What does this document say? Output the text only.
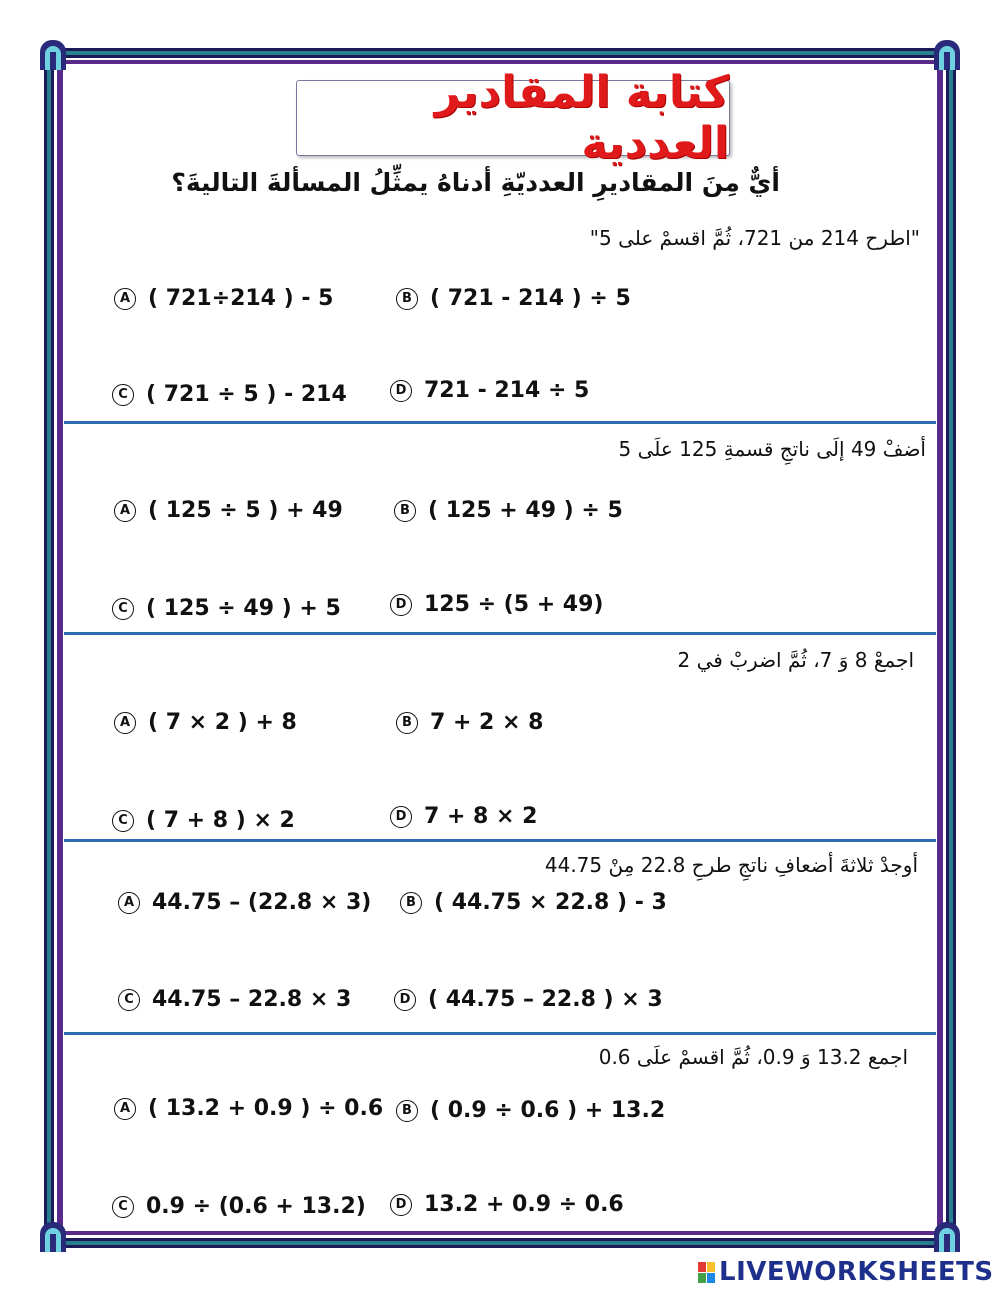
كتابة المقادير العددية
أيٌّ مِنَ المقاديرِ العدديّةِ أدناهُ يمثِّلُ المسألةَ التاليةَ؟
"اطرح 214 من 721، ثُمَّ اقسمْ على 5"
A ( 721÷214 ) - 5	B ( 721 - 214 ) ÷ 5
C ( 721 ÷ 5 ) - 214	D 721 - 214 ÷ 5
أضفْ 49 إلَى ناتجِ قسمةِ 125 علَى 5
A ( 125 ÷ 5 ) + 49	B ( 125 + 49 ) ÷ 5
C ( 125 ÷ 49 ) + 5	D 125 ÷ (5 + 49)
اجمعْ 8 وَ 7، ثُمَّ اضربْ في 2
A ( 7 × 2 ) + 8	B 7 + 2 × 8
C ( 7 + 8 ) × 2	D 7 + 8 × 2
أوجدْ ثلاثةَ أضعافِ ناتجِ طرحِ 22.8 مِنْ 44.75
A 44.75 – (22.8 × 3)	B ( 44.75 × 22.8 ) - 3
C 44.75 – 22.8 × 3	D ( 44.75 – 22.8 ) × 3
اجمع 13.2 وَ 0.9، ثُمَّ اقسمْ علَى 0.6
A ( 13.2 + 0.9 ) ÷ 0.6	B ( 0.9 ÷ 0.6 ) + 13.2
C 0.9 ÷ (0.6 + 13.2)	D 13.2 + 0.9 ÷ 0.6
LIVEWORKSHEETS
